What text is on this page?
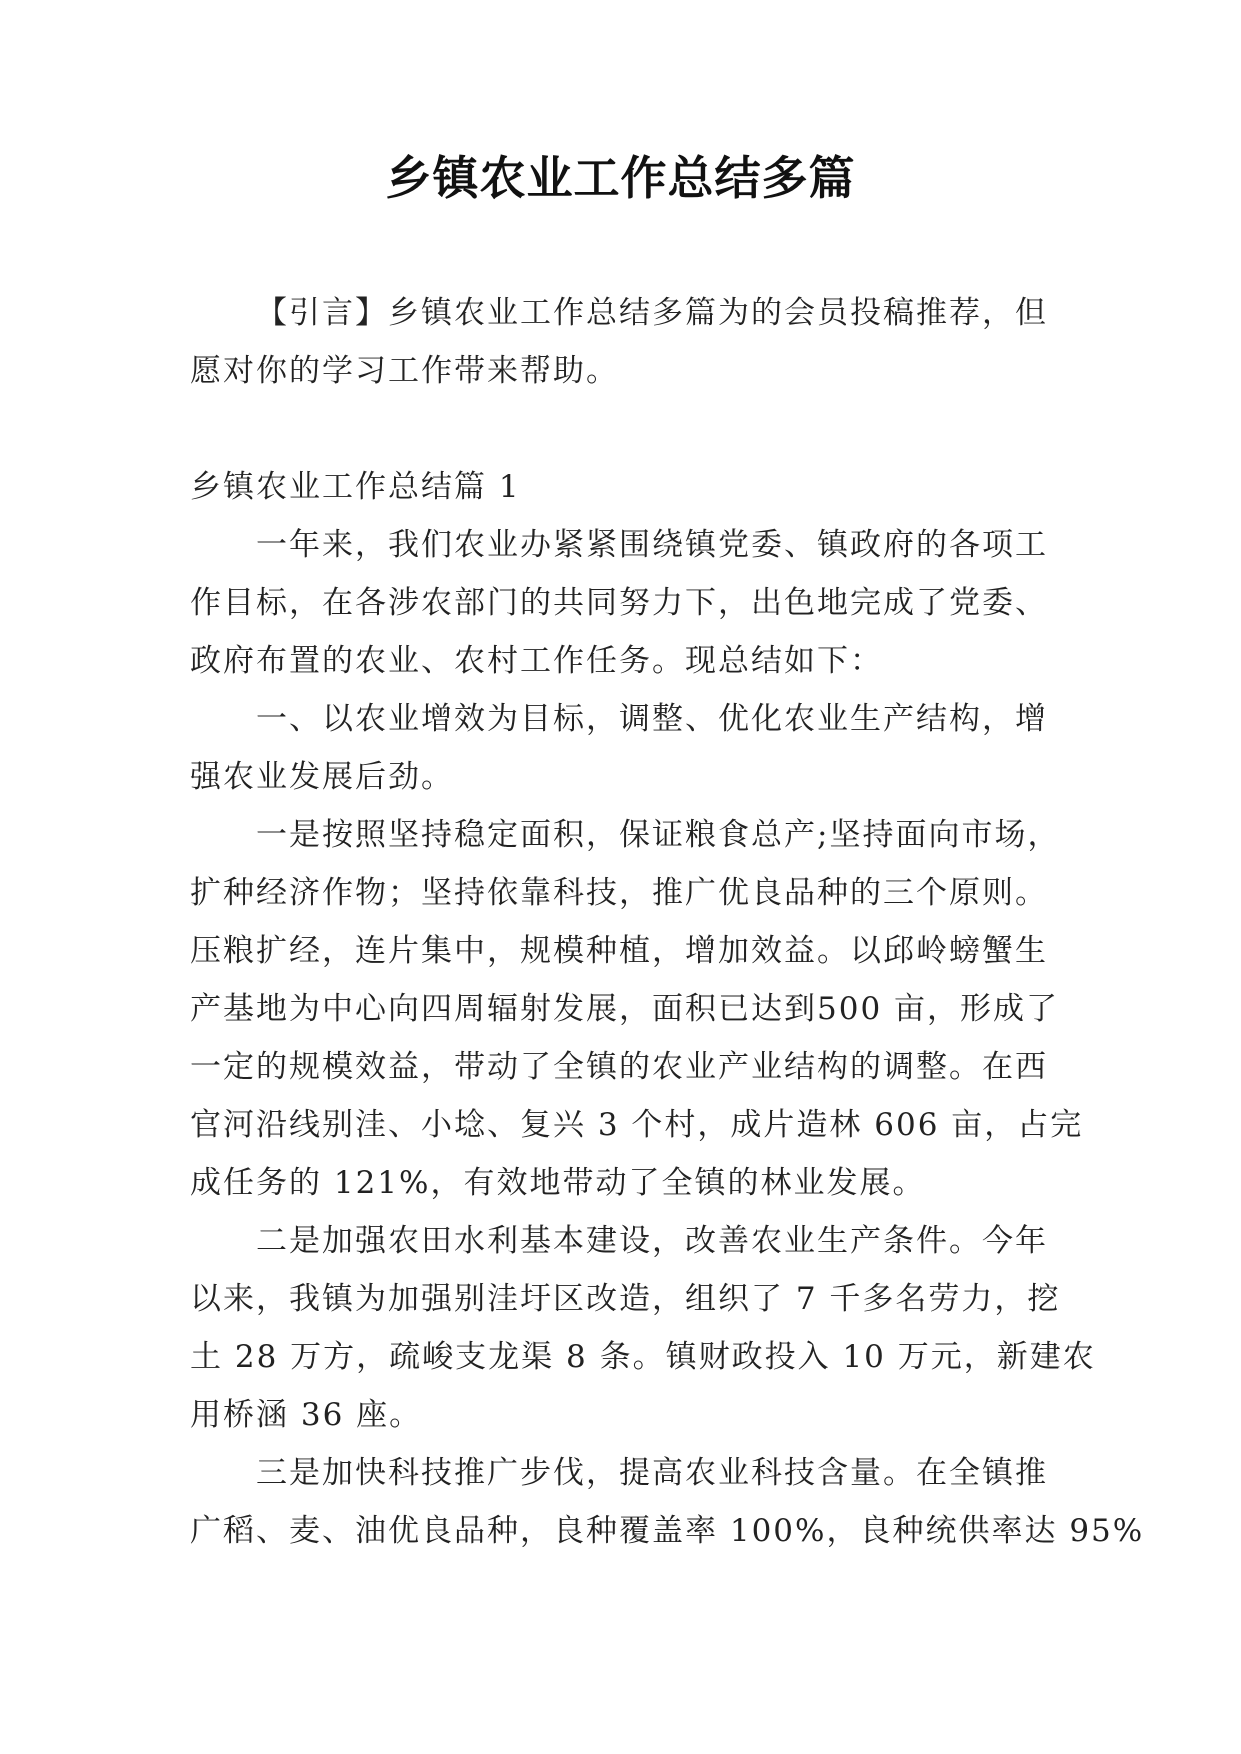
乡镇农业工作总结多篇
【引言】乡镇农业工作总结多篇为的会员投稿推荐，但
愿对你的学习工作带来帮助。
乡镇农业工作总结篇 1
一年来，我们农业办紧紧围绕镇党委、镇政府的各项工
作目标，在各涉农部门的共同努力下，出色地完成了党委、
政府布置的农业、农村工作任务。现总结如下：
一、以农业增效为目标，调整、优化农业生产结构，增
强农业发展后劲。
一是按照坚持稳定面积，保证粮食总产;坚持面向市场，
扩种经济作物；坚持依靠科技，推广优良品种的三个原则。
压粮扩经，连片集中，规模种植，增加效益。以邱岭螃蟹生
产基地为中心向四周辐射发展，面积已达到500 亩，形成了
一定的规模效益，带动了全镇的农业产业结构的调整。在西
官河沿线别洼、小埝、复兴 3 个村，成片造林 606 亩，占完
成任务的 121%，有效地带动了全镇的林业发展。
二是加强农田水利基本建设，改善农业生产条件。今年
以来，我镇为加强别洼圩区改造，组织了 7 千多名劳力，挖
土 28 万方，疏峻支龙渠 8 条。镇财政投入 10 万元，新建农
用桥涵 36 座。
三是加快科技推广步伐，提高农业科技含量。在全镇推
广稻、麦、油优良品种，良种覆盖率 100%，良种统供率达 95%
